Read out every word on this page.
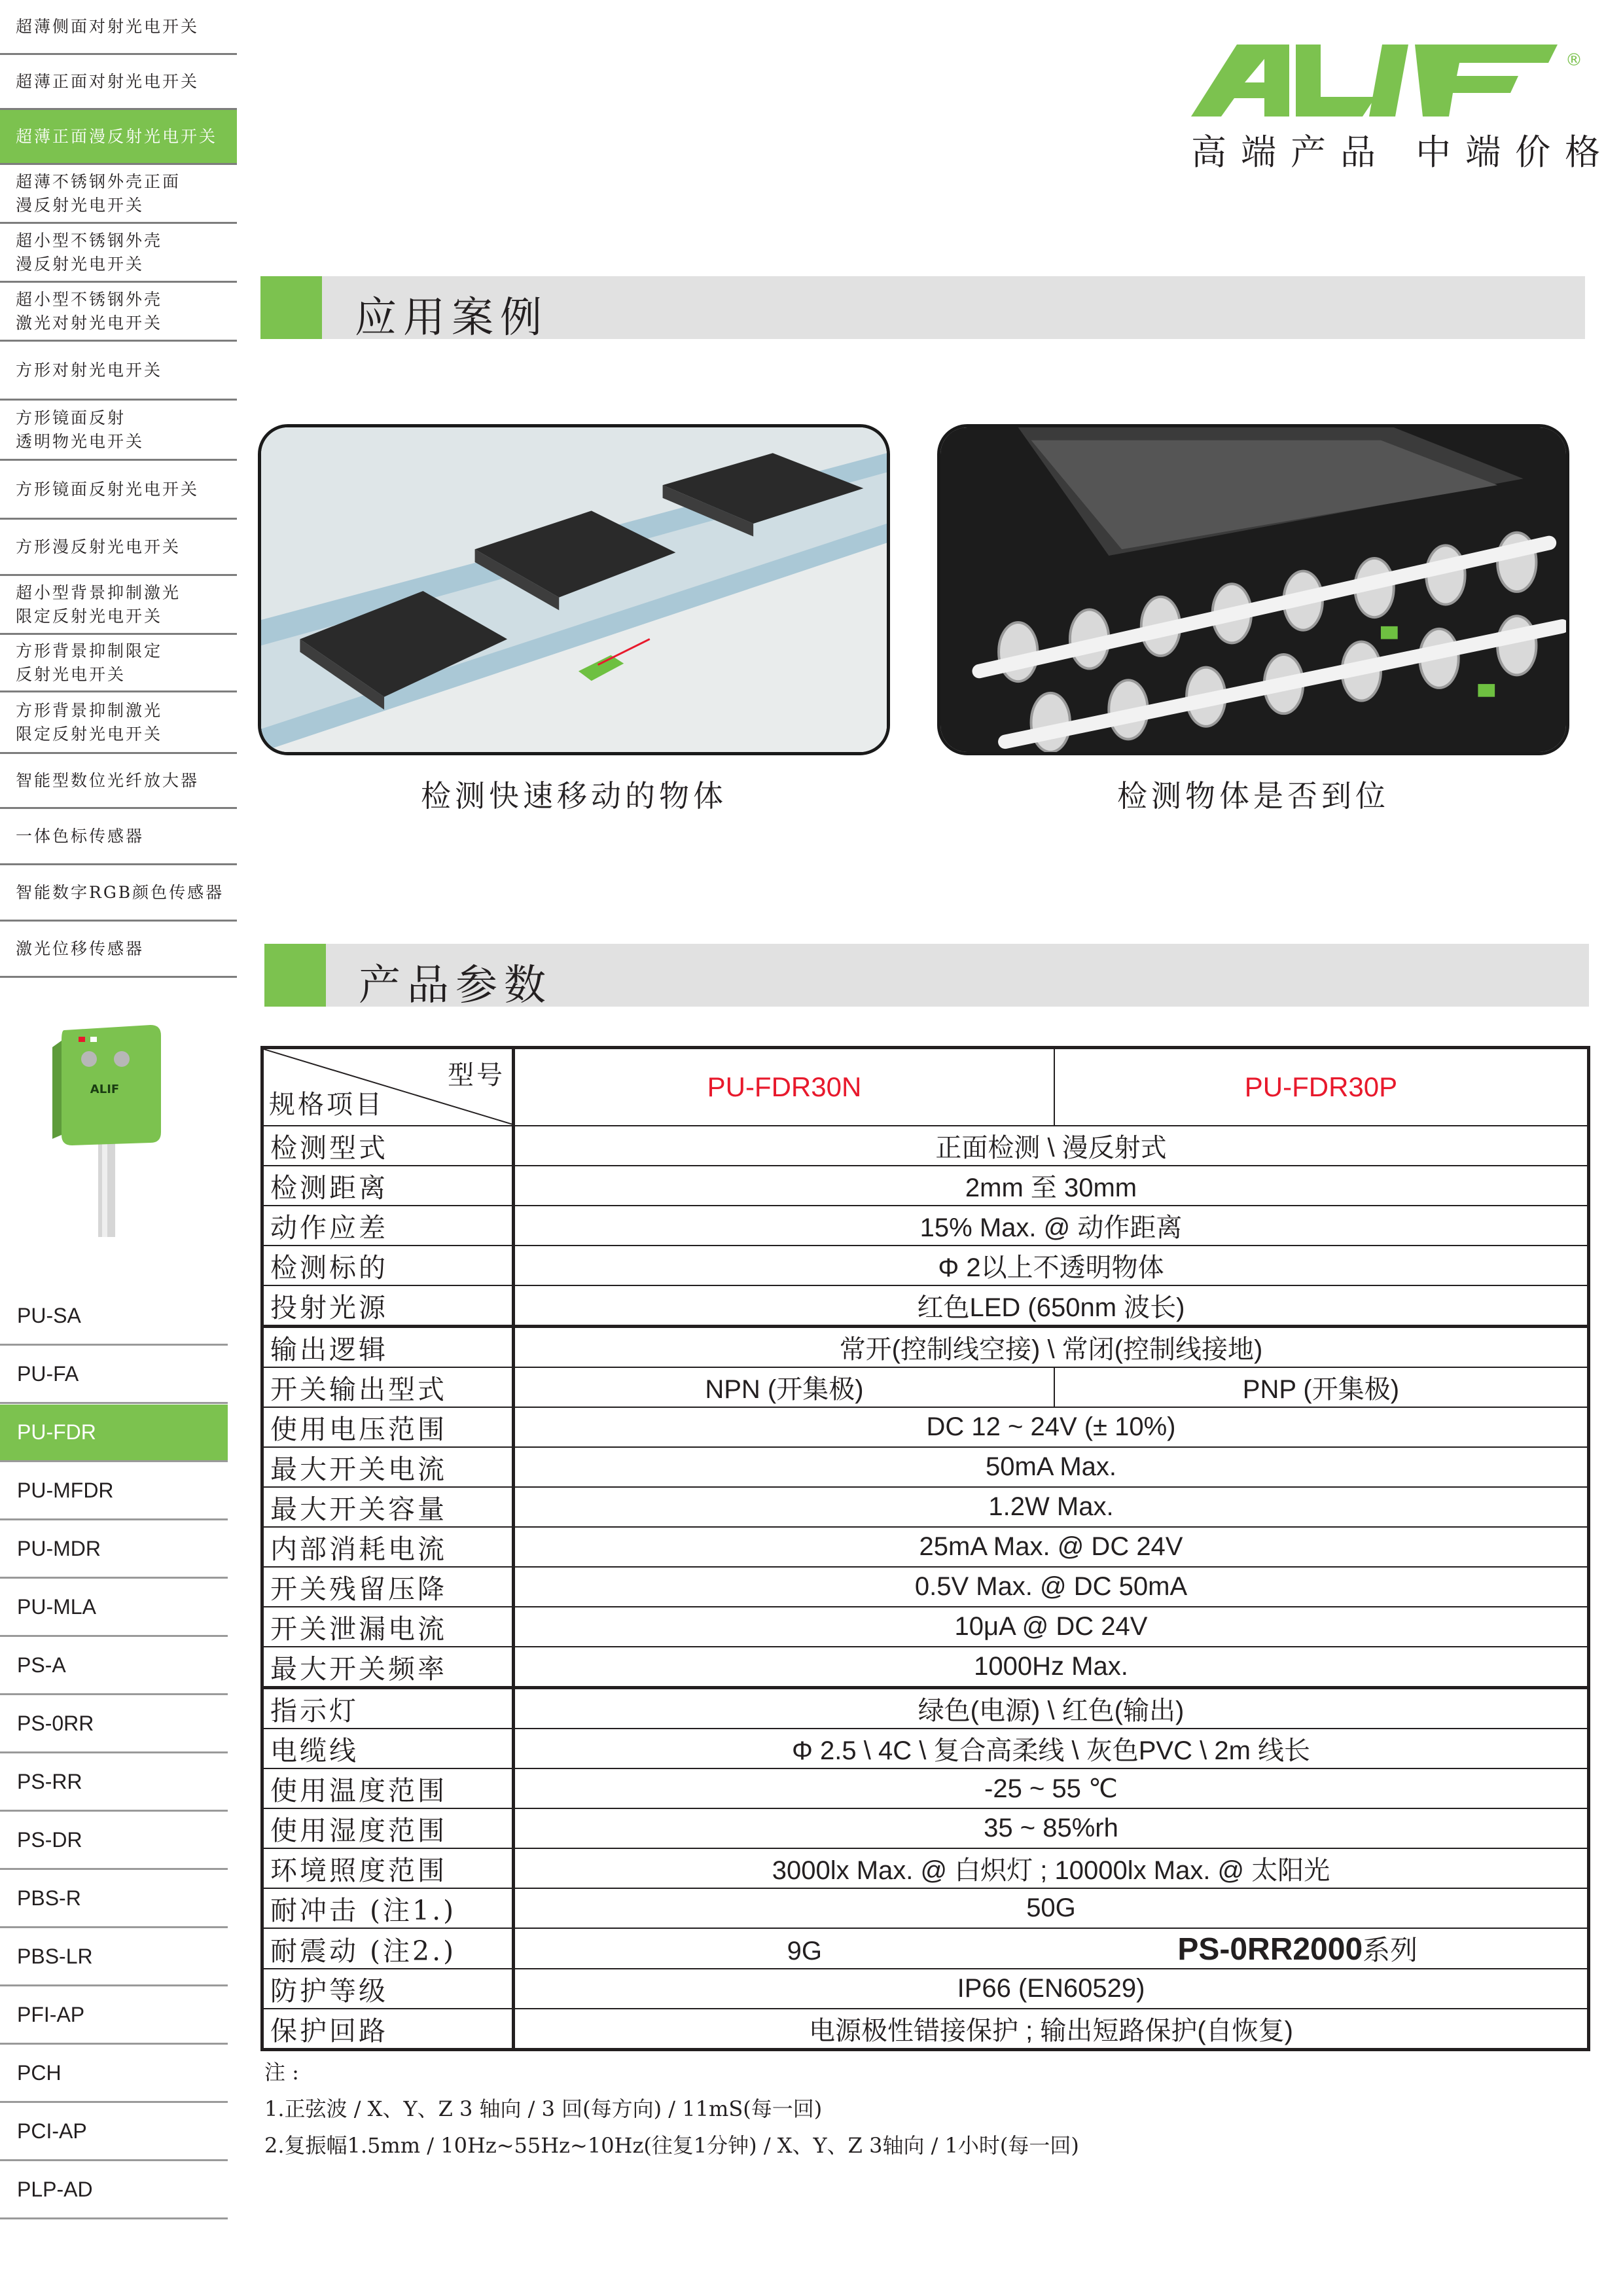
超薄侧面对射光电开关
超薄正面对射光电开关
超薄正面漫反射光电开关
超薄不锈钢外壳正面
漫反射光电开关
超小型不锈钢外壳
漫反射光电开关
超小型不锈钢外壳
激光对射光电开关
方形对射光电开关
方形镜面反射
透明物光电开关
方形镜面反射光电开关
方形漫反射光电开关
超小型背景抑制激光
限定反射光电开关
方形背景抑制限定
反射光电开关
方形背景抑制激光
限定反射光电开关
智能型数位光纤放大器
一体色标传感器
智能数字RGB颜色传感器
激光位移传感器
ALIF
PU-SA
PU-FA
PU-FDR
PU-MFDR
PU-MDR
PU-MLA
PS-A
PS-0RR
PS-RR
PS-DR
PBS-R
PBS-LR
PFI-AP
PCH
PCI-AP
PLP-AD
®
高端产品 中端价格
应用案例
检测快速移动的物体	检测物体是否到位
产品参数
型号
规格项目	PU-FDR30N	PU-FDR30P
检测型式	正面检测 \ 漫反射式	
检测距离	2mm 至 30mm	
动作应差	15% Max. @ 动作距离	
检测标的	Φ 2以上不透明物体	
投射光源	红色LED (650nm 波长)	
输出逻辑	常开(控制线空接) \ 常闭(控制线接地)	
开关输出型式	NPN (开集极)	PNP (开集极)
使用电压范围	DC 12 ~ 24V (± 10%)	
最大开关电流	50mA Max.	
最大开关容量	1.2W Max.	
内部消耗电流	25mA Max. @ DC 24V	
开关残留压降	0.5V Max. @ DC 50mA	
开关泄漏电流	10μA @ DC 24V	
最大开关频率	1000Hz Max.	
指示灯	绿色(电源) \ 红色(输出)	
电缆线	Φ 2.5 \ 4C \ 复合高柔线 \ 灰色PVC \ 2m 线长	
使用温度范围	-25 ~ 55 ℃	
使用湿度范围	35 ~ 85%rh	
环境照度范围	3000lx Max. @ 白炽灯 ; 10000lx Max. @ 太阳光	
耐冲击 (注1.)	50G	
耐震动 (注2.)	9G PS-0RR2000系列	
防护等级	IP66 (EN60529)	
保护回路	电源极性错接保护 ; 输出短路保护(自恢复)	
注 :
1.正弦波 / X、Y、Z 3 轴向 / 3 回(每方向) / 11mS(每一回)
2.复振幅1.5mm / 10Hz~55Hz~10Hz(往复1分钟) / X、Y、Z 3轴向 / 1小时(每一回)
